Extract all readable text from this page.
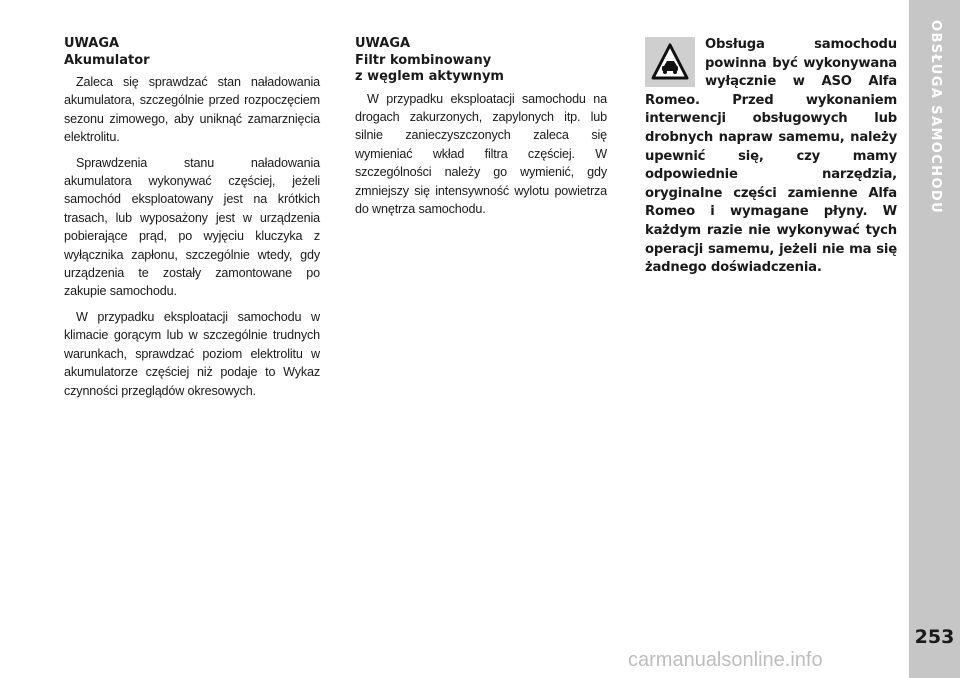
UWAGA
Akumulator

Zaleca się sprawdzać stan naładowania akumulatora, szczególnie przed rozpoczęciem sezonu zimowego, aby uniknąć zamarznięcia elektrolitu.

Sprawdzenia stanu naładowania akumulatora wykonywać częściej, jeżeli samochód eksploatowany jest na krótkich trasach, lub wyposażony jest w urządzenia pobierające prąd, po wyjęciu kluczyka z wyłącznika zapłonu, szczególnie wtedy, gdy urządzenia te zostały zamontowane po zakupie samochodu.

W przypadku eksploatacji samochodu w klimacie gorącym lub w szczególnie trudnych warunkach, sprawdzać poziom elektrolitu w akumulatorze częściej niż podaje to Wykaz czynności przeglądów okresowych.

UWAGA
Filtr kombinowany
z węglem aktywnym

W przypadku eksploatacji samochodu na drogach zakurzonych, zapylonych itp. lub silnie zanieczyszczonych zaleca się wymieniać wkład filtra częściej. W szczególności należy go wymienić, gdy zmniejszy się intensywność wylotu powietrza do wnętrza samochodu.

Obsługa samochodu powinna być wykonywana wyłącznie w ASO Alfa Romeo. Przed wykonaniem interwencji obsługowych lub drobnych napraw samemu, należy upewnić się, czy mamy odpowiednie narzędzia, oryginalne części zamienne Alfa Romeo i wymagane płyny. W każdym razie nie wykonywać tych operacji samemu, jeżeli nie ma się żadnego doświadczenia.

OBSŁUGA SAMOCHODU
253
carmanualsonline.info
